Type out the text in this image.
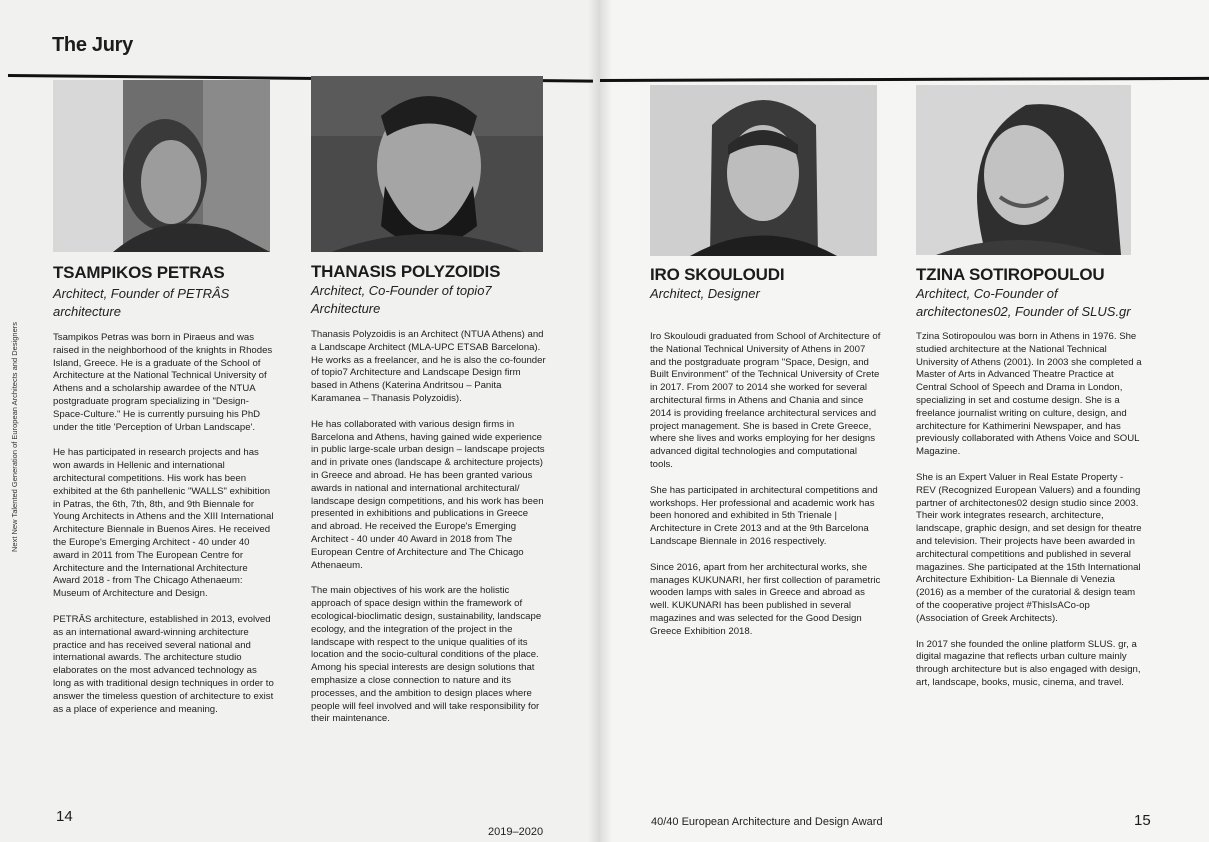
The Jury
Next New Talented Generation of European Architects and Designers
TSAMPIKOS PETRAS
Architect, Founder of PETRÂS architecture

Tsampikos Petras was born in Piraeus and was raised in the neighborhood of the knights in Rhodes Island, Greece. He is a graduate of the School of Architecture at the National Technical University of Athens and a scholarship awardee of the NTUA postgraduate program specializing in "Design-Space-Culture." He is currently pursuing his PhD under the title 'Perception of Urban Landscape'.

He has participated in research projects and has won awards in Hellenic and international architectural competitions. His work has been exhibited at the 6th panhellenic "WALLS" exhibition in Patras, the 6th, 7th, 8th, and 9th Biennale for Young Architects in Athens and the XIII International Architecture Biennale in Buenos Aires. He received the Europe's Emerging Architect - 40 under 40 award in 2011 from The European Centre for Architecture and the International Architecture Award 2018 - from The Chicago Athenaeum: Museum of Architecture and Design.

PETRÂS architecture, established in 2013, evolved as an international award-winning architecture practice and has received several national and international awards. The architecture studio elaborates on the most advanced technology as long as with traditional design techniques in order to answer the timeless question of architecture to exist as a place of experience and meaning.

THANASIS POLYZOIDIS
Architect, Co-Founder of topio7 Architecture

Thanasis Polyzoidis is an Architect (NTUA Athens) and a Landscape Architect (MLA-UPC ETSAB Barcelona). He works as a freelancer, and he is also the co-founder of topio7 Architecture and Landscape Design firm based in Athens (Katerina Andritsou – Panita Karamanea – Thanasis Polyzoidis).

He has collaborated with various design firms in Barcelona and Athens, having gained wide experience in public large-scale urban design – landscape projects and in private ones (landscape & architecture projects) in Greece and abroad. He has been granted various awards in national and international architectural/ landscape design competitions, and his work has been presented in exhibitions and publications in Greece and abroad. He received the Europe's Emerging Architect - 40 under 40 Award in 2018 from The European Centre of Architecture and The Chicago Athenaeum.

The main objectives of his work are the holistic approach of space design within the framework of ecological-bioclimatic design, sustainability, landscape ecology, and the integration of the project in the landscape with respect to the unique qualities of its location and the socio-cultural conditions of the place. Among his special interests are design solutions that emphasize a close connection to nature and its processes, and the ambition to design places where people will feel involved and will take responsibility for their maintenance.

IRO SKOULOUDI
Architect, Designer

Iro Skouloudi graduated from School of Architecture of the National Technical University of Athens in 2007 and the postgraduate program "Space, Design, and Built Environment" of the Technical University of Crete in 2017. From 2007 to 2014 she worked for several architectural firms in Athens and Chania and since 2014 is providing freelance architectural services and project management. She is based in Crete Greece, where she lives and works employing for her designs advanced digital technologies and computational tools.

She has participated in architectural competitions and workshops. Her professional and academic work has been honored and exhibited in 5th Trienale | Architecture in Crete 2013 and at the 9th Barcelona Landscape Biennale in 2016 respectively.

Since 2016, apart from her architectural works, she manages KUKUNARI, her first collection of parametric wooden lamps with sales in Greece and abroad as well. KUKUNARI has been published in several magazines and was selected for the Good Design Greece Exhibition 2018.

TZINA SOTIROPOULOU
Architect, Co-Founder of architectones02, Founder of SLUS.gr

Tzina Sotiropoulou was born in Athens in 1976. She studied architecture at the National Technical University of Athens (2001). In 2003 she completed a Master of Arts in Advanced Theatre Practice at Central School of Speech and Drama in London, specializing in set and costume design. She is a freelance journalist writing on culture, design, and architecture for Kathimerini Newspaper, and has previously collaborated with Athens Voice and SOUL Magazine.

She is an Expert Valuer in Real Estate Property - REV (Recognized European Valuers) and a founding partner of architectones02 design studio since 2003. Their work integrates research, architecture, landscape, graphic design, and set design for theatre and television. Their projects have been awarded in architectural competitions and published in several magazines. She participated at the 15th International Architecture Exhibition- La Biennale di Venezia (2016) as a member of the curatorial & design team of the cooperative project #ThisIsACo-op (Association of Greek Architects).

In 2017 she founded the online platform SLUS. gr, a digital magazine that reflects urban culture mainly through architecture but is also engaged with design, art, landscape, books, music, cinema, and travel.

14
2019–2020
40/40 European Architecture and Design Award	15
